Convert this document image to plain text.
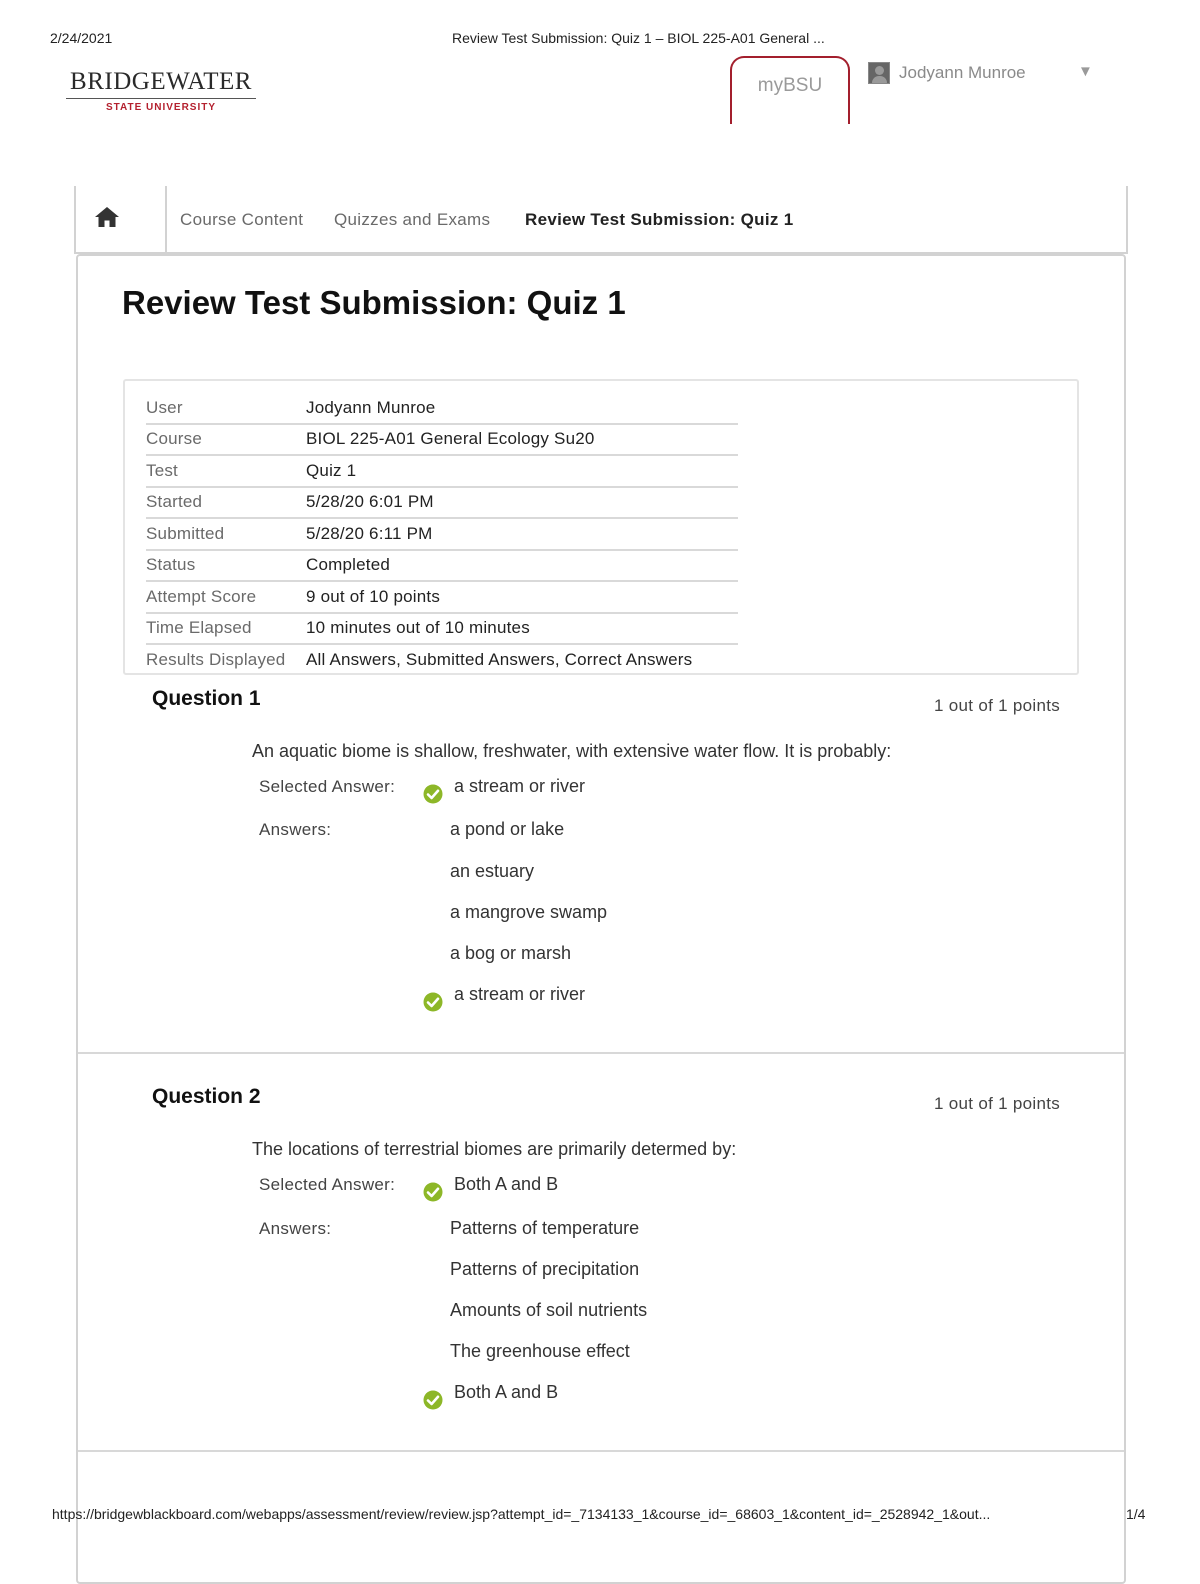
2/24/2021	Review Test Submission: Quiz 1 – BIOL 225-A01 General ...
BRIDGEWATER
STATE UNIVERSITY
myBSU
Jodyann Munroe	▼
Course Content Quizzes and Exams Review Test Submission: Quiz 1
Review Test Submission: Quiz 1
User	Jodyann Munroe
Course	BIOL 225-A01 General Ecology Su20
Test	Quiz 1
Started	5/28/20 6:01 PM
Submitted	5/28/20 6:11 PM
Status	Completed
Attempt Score	9 out of 10 points
Time Elapsed	10 minutes out of 10 minutes
Results Displayed	All Answers, Submitted Answers, Correct Answers
Question 1	1 out of 1 points
An aquatic biome is shallow, freshwater, with extensive water flow. It is probably:
Selected Answer:	a stream or river
Answers:	a pond or lake
an estuary
a mangrove swamp
a bog or marsh
a stream or river
Question 2	1 out of 1 points
The locations of terrestrial biomes are primarily determed by:
Selected Answer:	Both A and B
Answers:	Patterns of temperature
Patterns of precipitation
Amounts of soil nutrients
The greenhouse effect
Both A and B
https://bridgewblackboard.com/webapps/assessment/review/review.jsp?attempt_id=_7134133_1&course_id=_68603_1&content_id=_2528942_1&out...	1/4
